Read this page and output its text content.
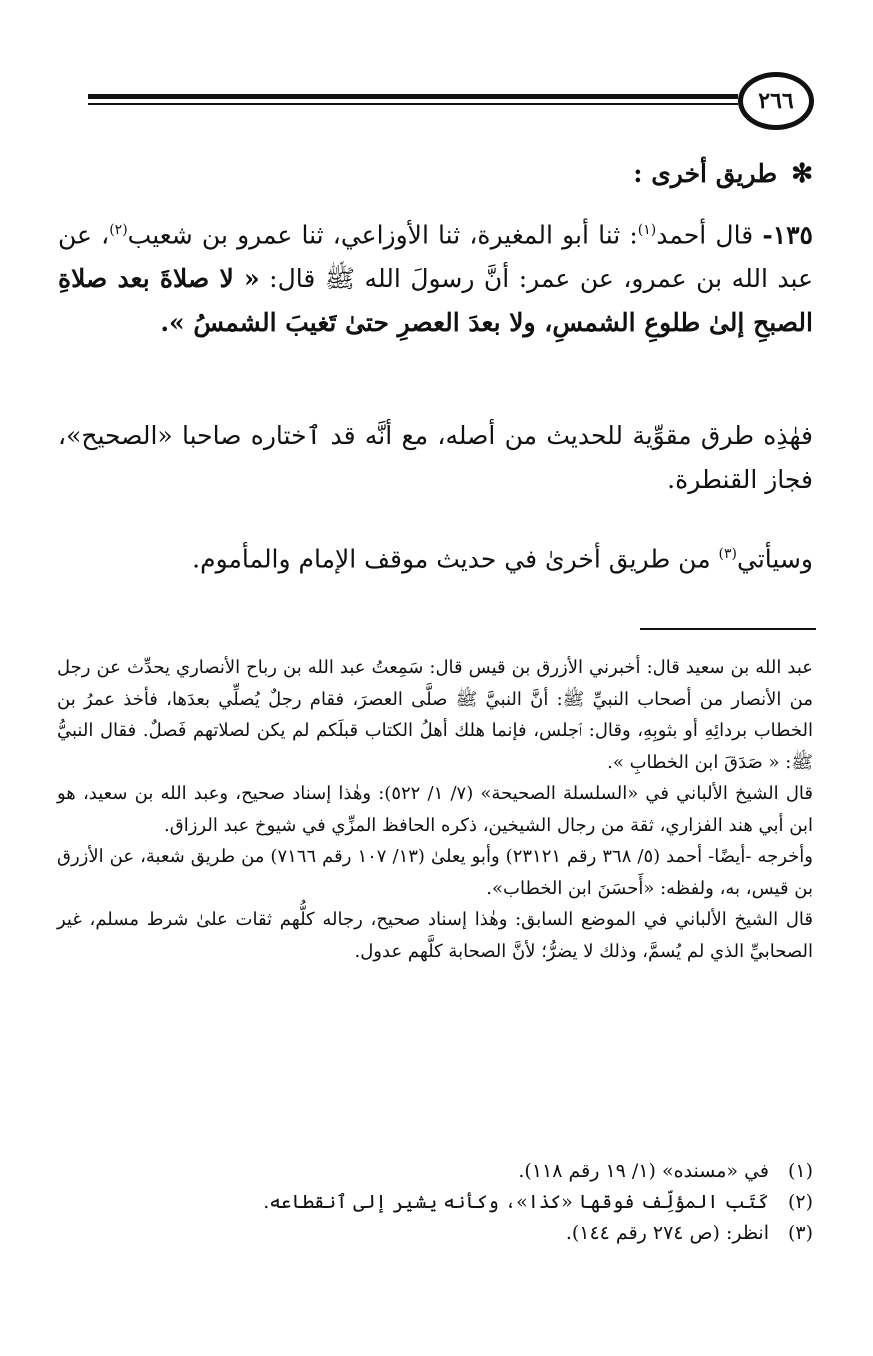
٢٦٦

✻طريق أخرى :

١٣٥- قال أحمد$^{(١)}$: ثنا أبو المغيرة، ثنا الأوزاعي، ثنا عمرو بن شعيب$^{(٢)}$، عن عبد الله بن عمرو، عن عمر: أنَّ رسولَ الله ﷺ قال: « لا صلاةَ بعد صلاةِ الصبحِ إلىٰ طلوعِ الشمسِ، ولا بعدَ العصرِ حتىٰ تَغيبَ الشمسُ ».

فهٰذِه طرق مقوِّية للحديث من أصله، مع أنَّه قد ٱختاره صاحبا «الصحيح»، فجاز القنطرة.

وسيأتي$^{(٣)}$ من طريق أخرىٰ في حديث موقف الإمام والمأموم.

عبد الله بن سعيد قال: أخبرني الأزرق بن قيس قال: سَمِعتُ عبد الله بن رباح الأنصاري يحدِّث عن رجل من الأنصار من أصحاب النبيِّ ﷺ: أنَّ النبيَّ ﷺ صلَّى العصرَ، فقام رجلٌ يُصلِّي بعدَها، فأخذ عمرُ بن الخطاب بردائِهِ أو بثوبِهِ، وقال: ٱجلس، فإنما هلك أهلُ الكتاب قبلَكم لم يكن لصلاتهم فَصلٌ. فقال النبيُّ ﷺ: « صَدَقَ ابن الخطابِ ».

قال الشيخ الألباني في «السلسلة الصحيحة» (٧/ ١/ ٥٢٢): وهٰذا إسناد صحيح، وعبد الله بن سعيد، هو ابن أبي هند الفزاري، ثقة من رجال الشيخين، ذكره الحافظ المزِّي في شيوخ عبد الرزاق.

وأخرجه -أيضًا- أحمد (٥/ ٣٦٨ رقم ٢٣١٢١) وأبو يعلىٰ (١٣/ ١٠٧ رقم ٧١٦٦) من طريق شعبة، عن الأزرق بن قيس، به، ولفظه: «أَحسَنَ ابن الخطاب».

قال الشيخ الألباني في الموضع السابق: وهٰذا إسناد صحيح، رجاله كلُّهم ثقات علىٰ شرط مسلم، غير الصحابيِّ الذي لم يُسمَّ، وذلك لا يضرُّ؛ لأنَّ الصحابة كلَّهم عدول.

(١)في «مسنده» (١/ ١٩ رقم ١١٨).
(٢)كَتَب المؤلِّف فوقها «كذا»، وكأنه يشير إلى ٱنقطاعه.
(٣)انظر: (ص ٢٧٤ رقم ١٤٤).
